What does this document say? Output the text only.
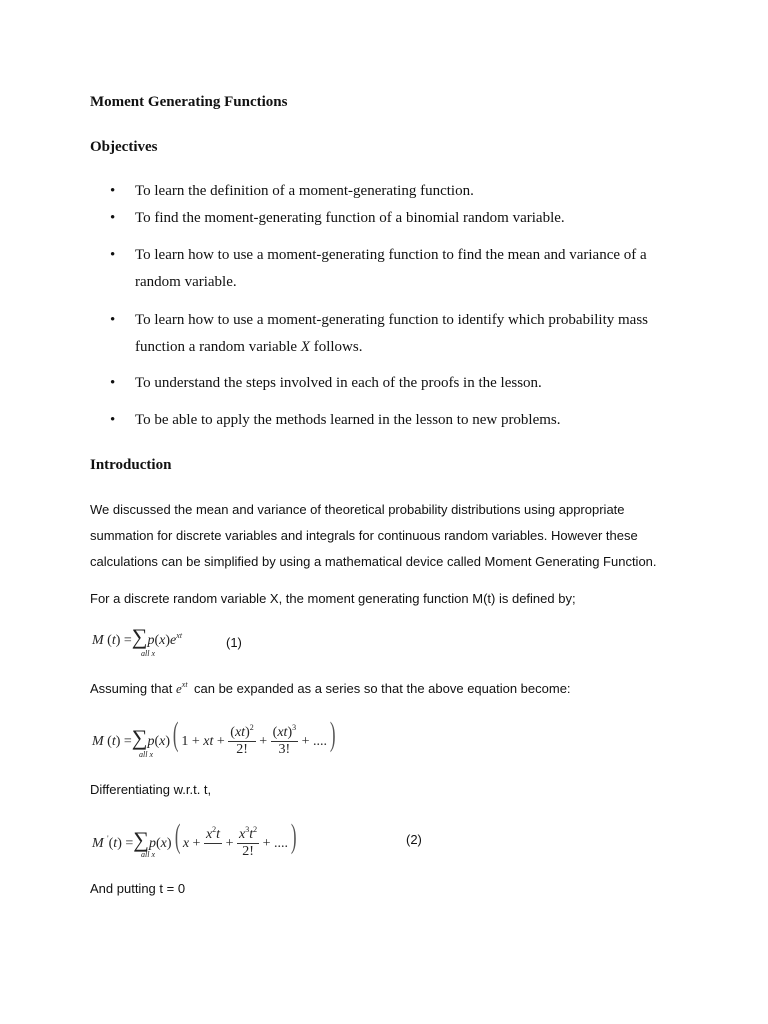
Moment Generating Functions
Objectives
• To learn the definition of a moment-generating function.
• To find the moment-generating function of a binomial random variable.
• To learn how to use a moment-generating function to find the mean and variance of a random variable.
• To learn how to use a moment-generating function to identify which probability mass function a random variable X follows.
• To understand the steps involved in each of the proofs in the lesson.
• To be able to apply the methods learned in the lesson to new problems.
Introduction
We discussed the mean and variance of theoretical probability distributions using appropriate
summation for discrete variables and integrals for continuous random variables. However these
calculations can be simplified by using a mathematical device called Moment Generating Function.
For a discrete random variable X, the moment generating function M(t) is defined by;
M $(t) =\sum p(x)e^{xt}$
all x
(1)
Assuming that $e^{xt}$ can be expanded as a series so that the above equation become:
M (t) =∑p(x)( 1 + xt + $\frac{(xt)^2}{2!} + \frac{(xt)^3}{3!}$ + ....)
all x
Differentiating w.r.t. t,
M '(t) =∑p(x)( x +
$x^2t$

+ $\frac{x^3t^2}{2!}$ + ....)
all x
(2)
And putting t = 0
